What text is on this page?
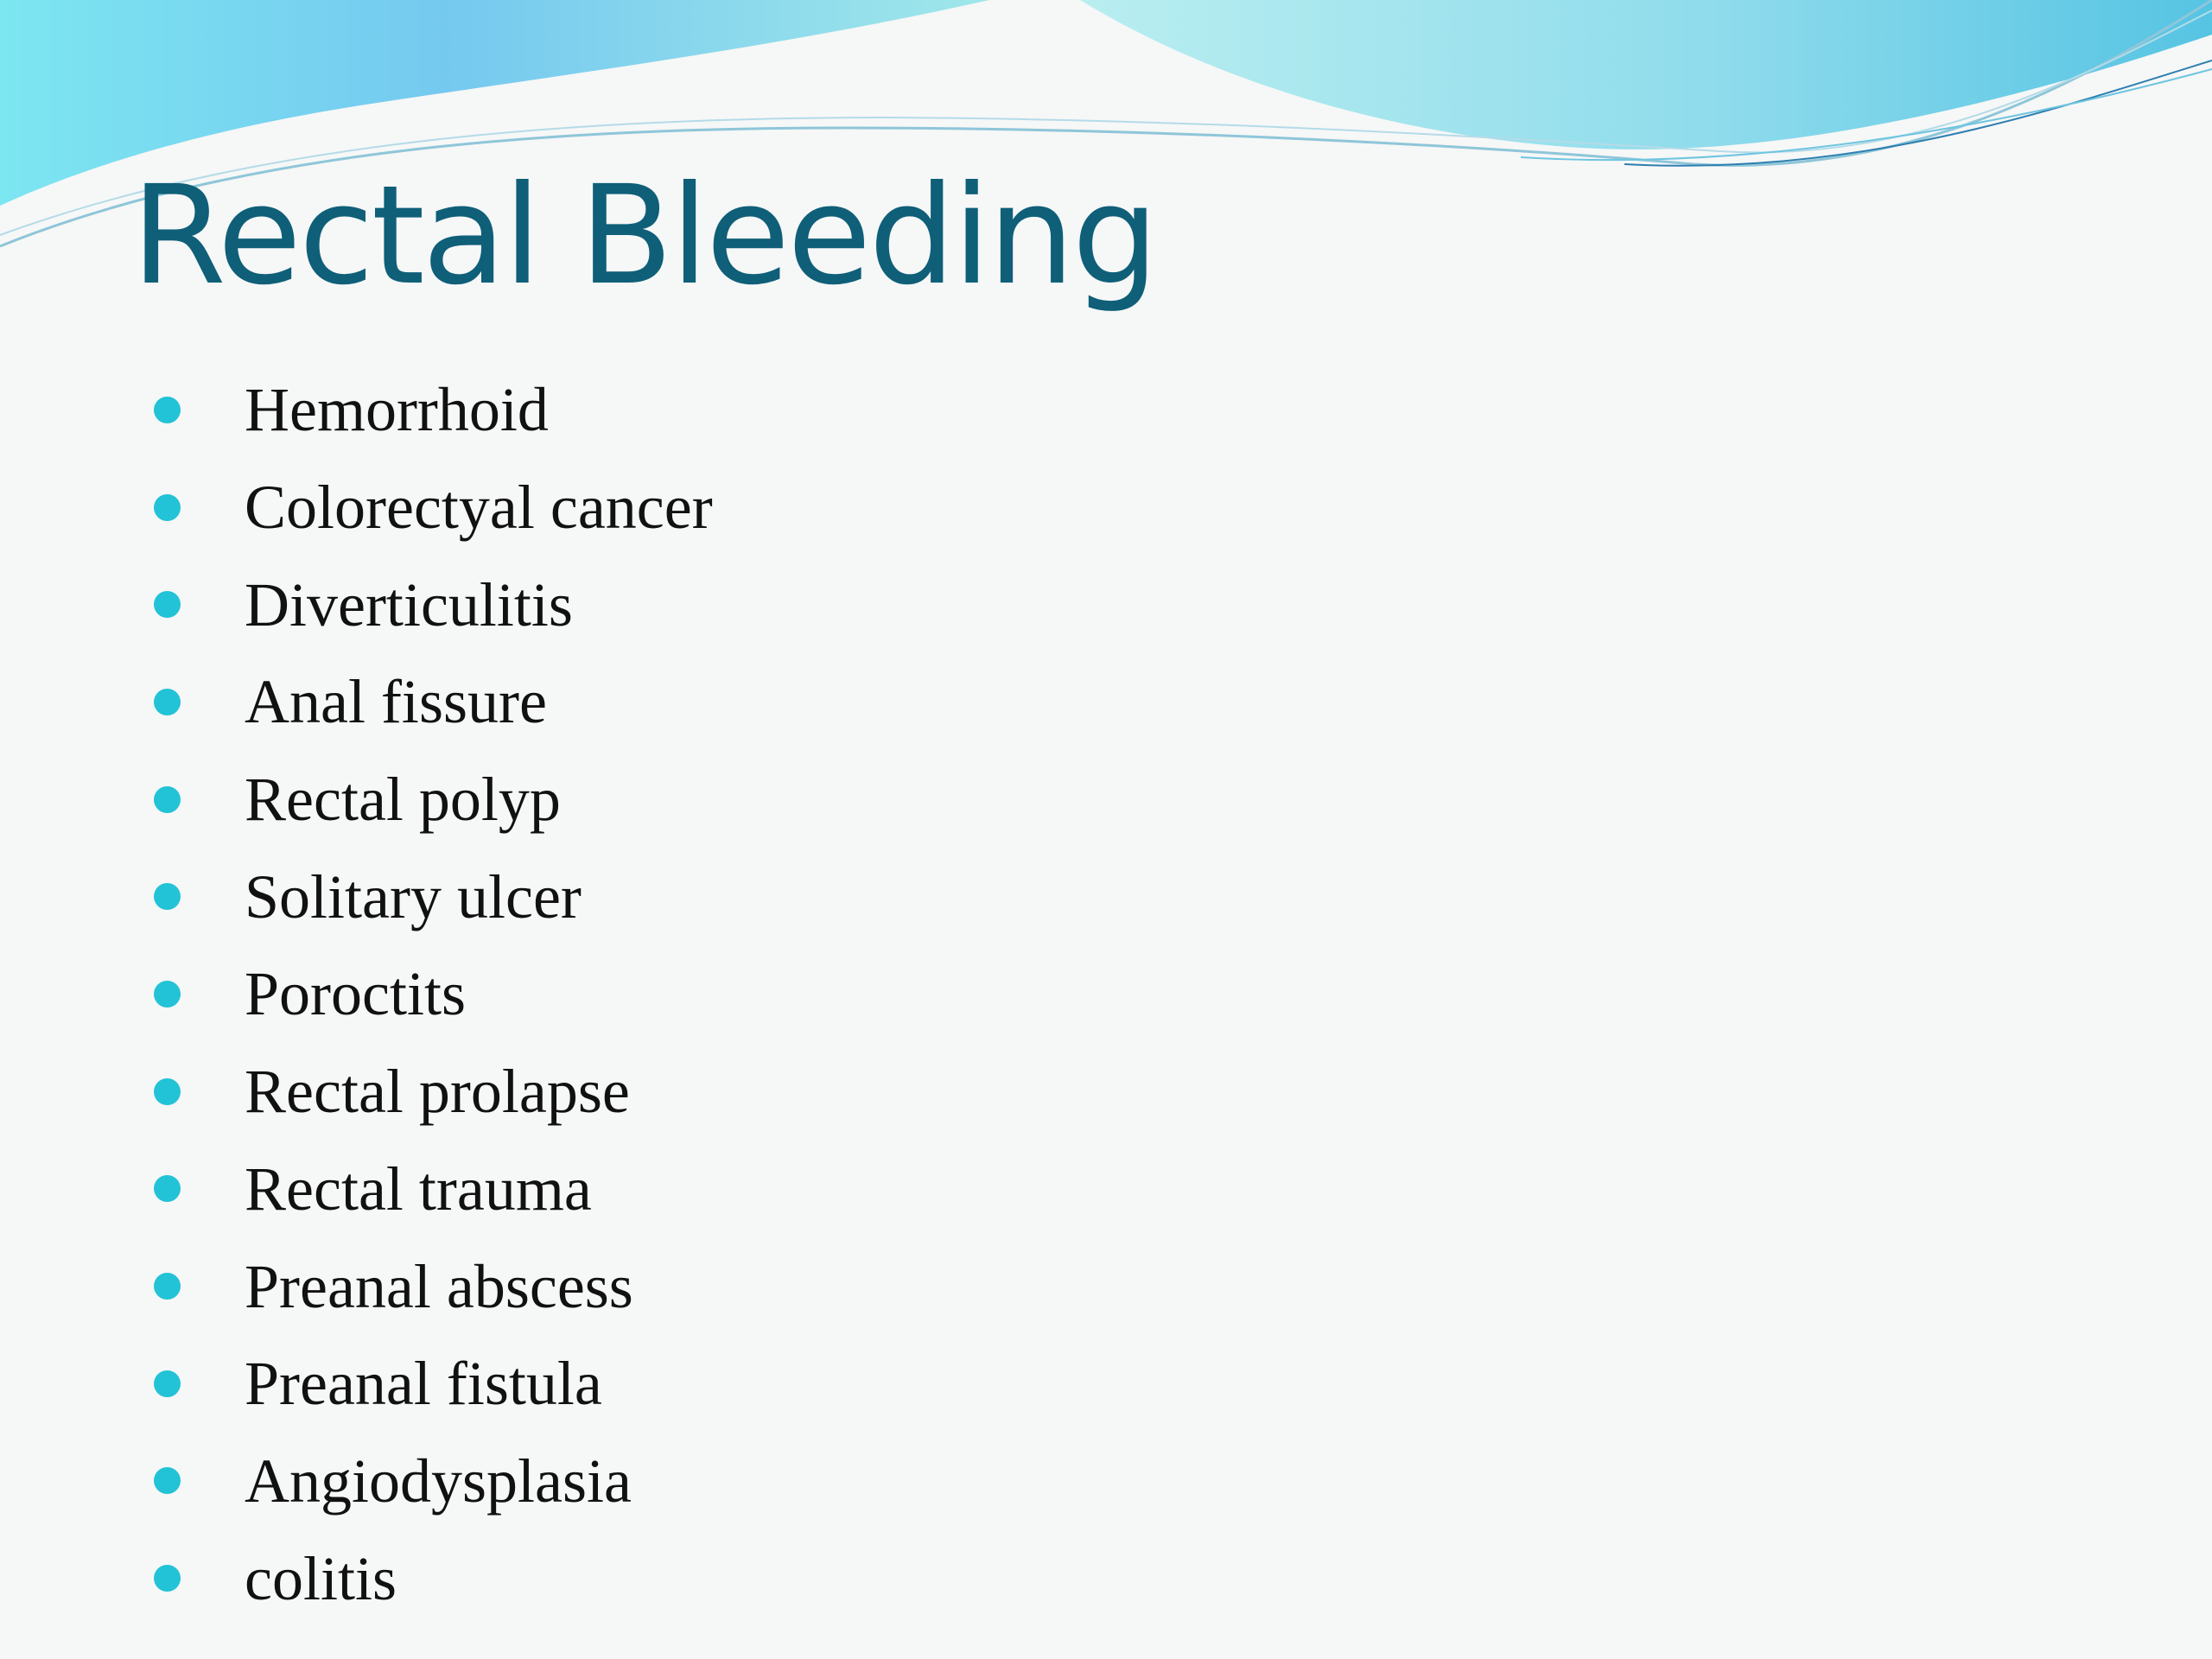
Rectal Bleeding
Hemorrhoid
Colorectyal cancer
Diverticulitis
Anal fissure
Rectal polyp
Solitary ulcer
Poroctits
Rectal prolapse
Rectal trauma
Preanal abscess
Preanal fistula
Angiodysplasia
colitis
